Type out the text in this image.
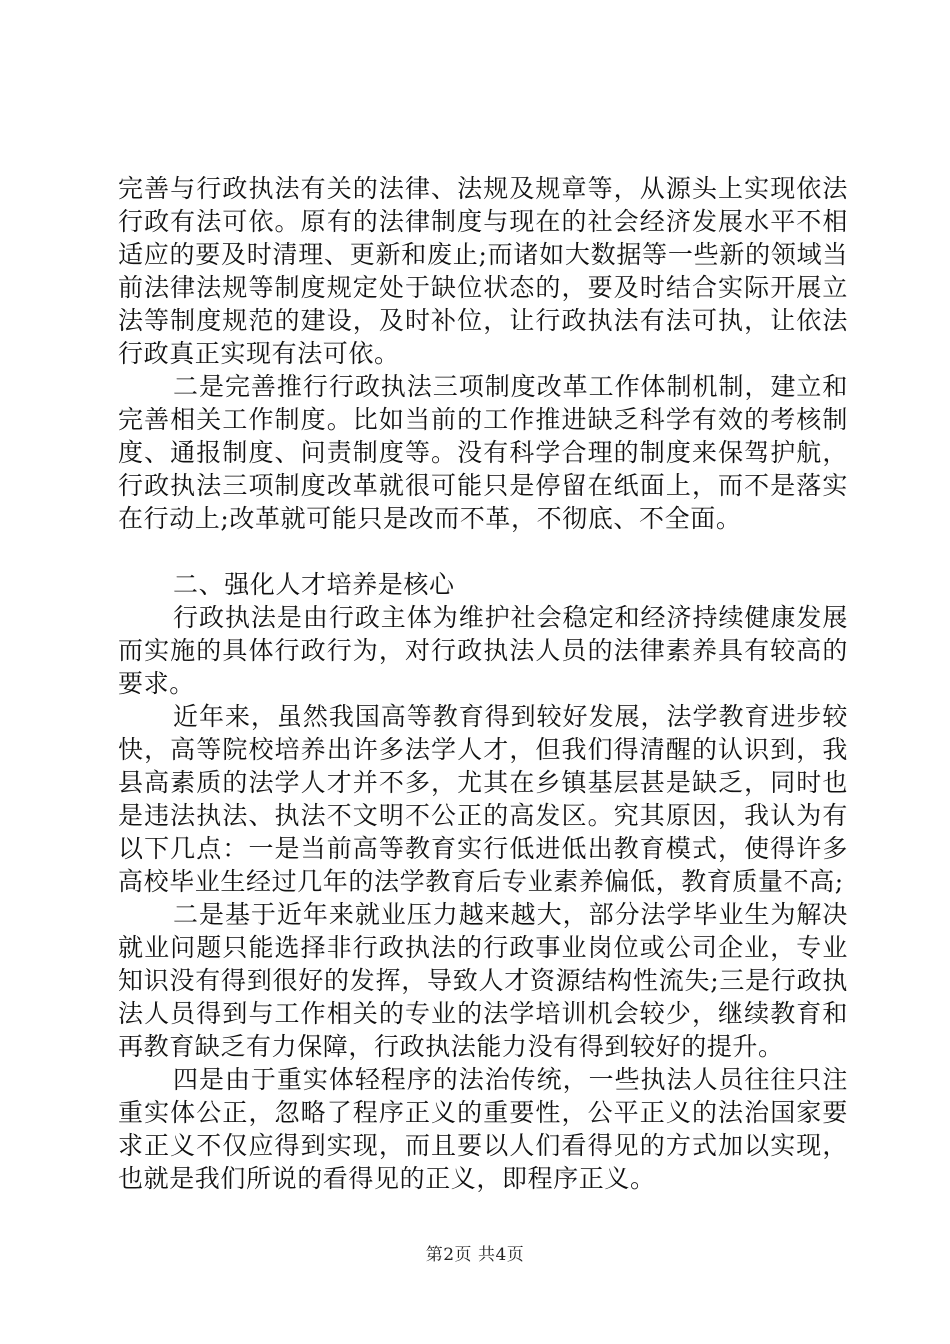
完善与行政执法有关的法律、法规及规章等，从源头上实现依法行政有法可依。原有的法律制度与现在的社会经济发展水平不相适应的要及时清理、更新和废止;而诸如大数据等一些新的领域当前法律法规等制度规定处于缺位状态的，要及时结合实际开展立法等制度规范的建设，及时补位，让行政执法有法可执，让依法行政真正实现有法可依。

二是完善推行行政执法三项制度改革工作体制机制，建立和完善相关工作制度。比如当前的工作推进缺乏科学有效的考核制度、通报制度、问责制度等。没有科学合理的制度来保驾护航，行政执法三项制度改革就很可能只是停留在纸面上，而不是落实在行动上;改革就可能只是改而不革，不彻底、不全面。

二、强化人才培养是核心

行政执法是由行政主体为维护社会稳定和经济持续健康发展而实施的具体行政行为，对行政执法人员的法律素养具有较高的要求。

近年来，虽然我国高等教育得到较好发展，法学教育进步较快，高等院校培养出许多法学人才，但我们得清醒的认识到，我县高素质的法学人才并不多，尤其在乡镇基层甚是缺乏，同时也是违法执法、执法不文明不公正的高发区。究其原因，我认为有以下几点：一是当前高等教育实行低进低出教育模式，使得许多高校毕业生经过几年的法学教育后专业素养偏低，教育质量不高;

二是基于近年来就业压力越来越大，部分法学毕业生为解决就业问题只能选择非行政执法的行政事业岗位或公司企业，专业知识没有得到很好的发挥，导致人才资源结构性流失;三是行政执法人员得到与工作相关的专业的法学培训机会较少，继续教育和再教育缺乏有力保障，行政执法能力没有得到较好的提升。

四是由于重实体轻程序的法治传统，一些执法人员往往只注重实体公正，忽略了程序正义的重要性，公平正义的法治国家要求正义不仅应得到实现，而且要以人们看得见的方式加以实现，也就是我们所说的看得见的正义，即程序正义。

第2页 共4页
